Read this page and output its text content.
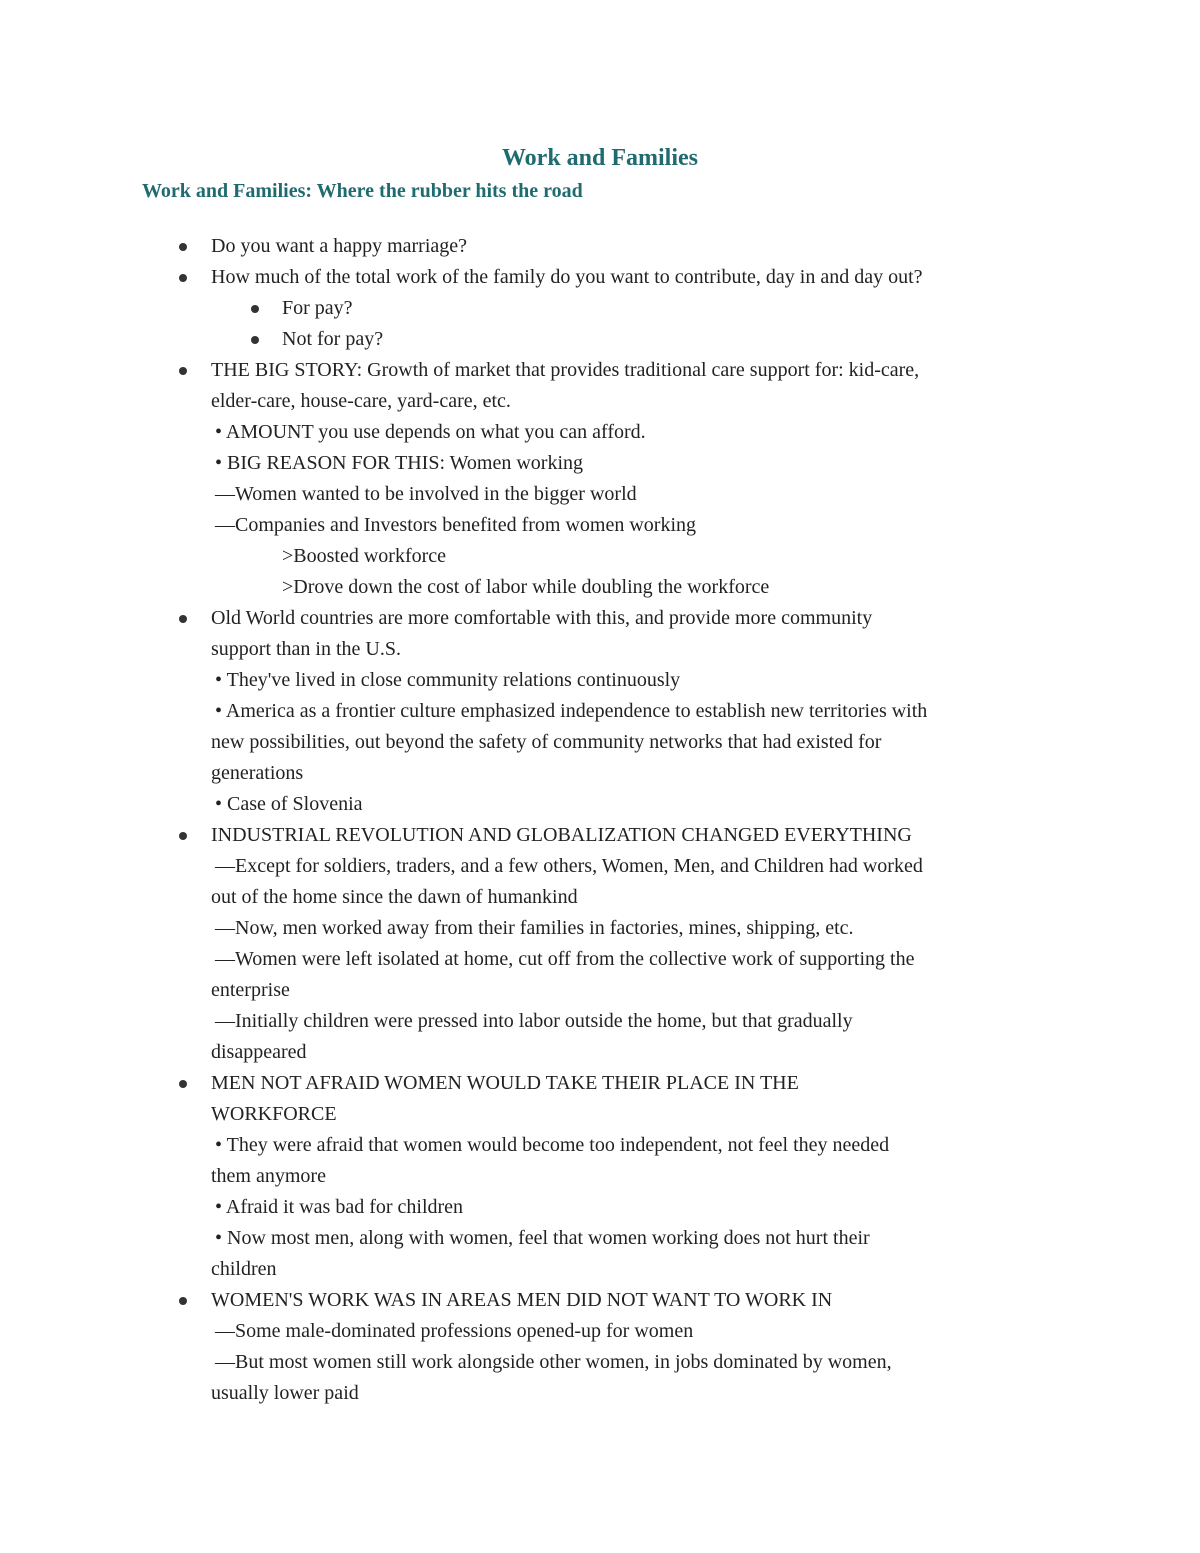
Work and Families
Work and Families: Where the rubber hits the road
Do you want a happy marriage?
How much of the total work of the family do you want to contribute, day in and day out?
For pay?
Not for pay?
THE BIG STORY: Growth of market that provides traditional care support for: kid-care,
elder-care, house-care, yard-care, etc.
• AMOUNT you use depends on what you can afford.
• BIG REASON FOR THIS: Women working
—Women wanted to be involved in the bigger world
—Companies and Investors benefited from women working
>Boosted workforce
>Drove down the cost of labor while doubling the workforce
Old World countries are more comfortable with this, and provide more community
support than in the U.S.
• They've lived in close community relations continuously
• America as a frontier culture emphasized independence to establish new territories with
new possibilities, out beyond the safety of community networks that had existed for
generations
• Case of Slovenia
INDUSTRIAL REVOLUTION AND GLOBALIZATION CHANGED EVERYTHING
—Except for soldiers, traders, and a few others, Women, Men, and Children had worked
out of the home since the dawn of humankind
—Now, men worked away from their families in factories, mines, shipping, etc.
—Women were left isolated at home, cut off from the collective work of supporting the
enterprise
—Initially children were pressed into labor outside the home, but that gradually
disappeared
MEN NOT AFRAID WOMEN WOULD TAKE THEIR PLACE IN THE
WORKFORCE
• They were afraid that women would become too independent, not feel they needed
them anymore
• Afraid it was bad for children
• Now most men, along with women, feel that women working does not hurt their
children
WOMEN'S WORK WAS IN AREAS MEN DID NOT WANT TO WORK IN
—Some male-dominated professions opened-up for women
—But most women still work alongside other women, in jobs dominated by women,
usually lower paid
